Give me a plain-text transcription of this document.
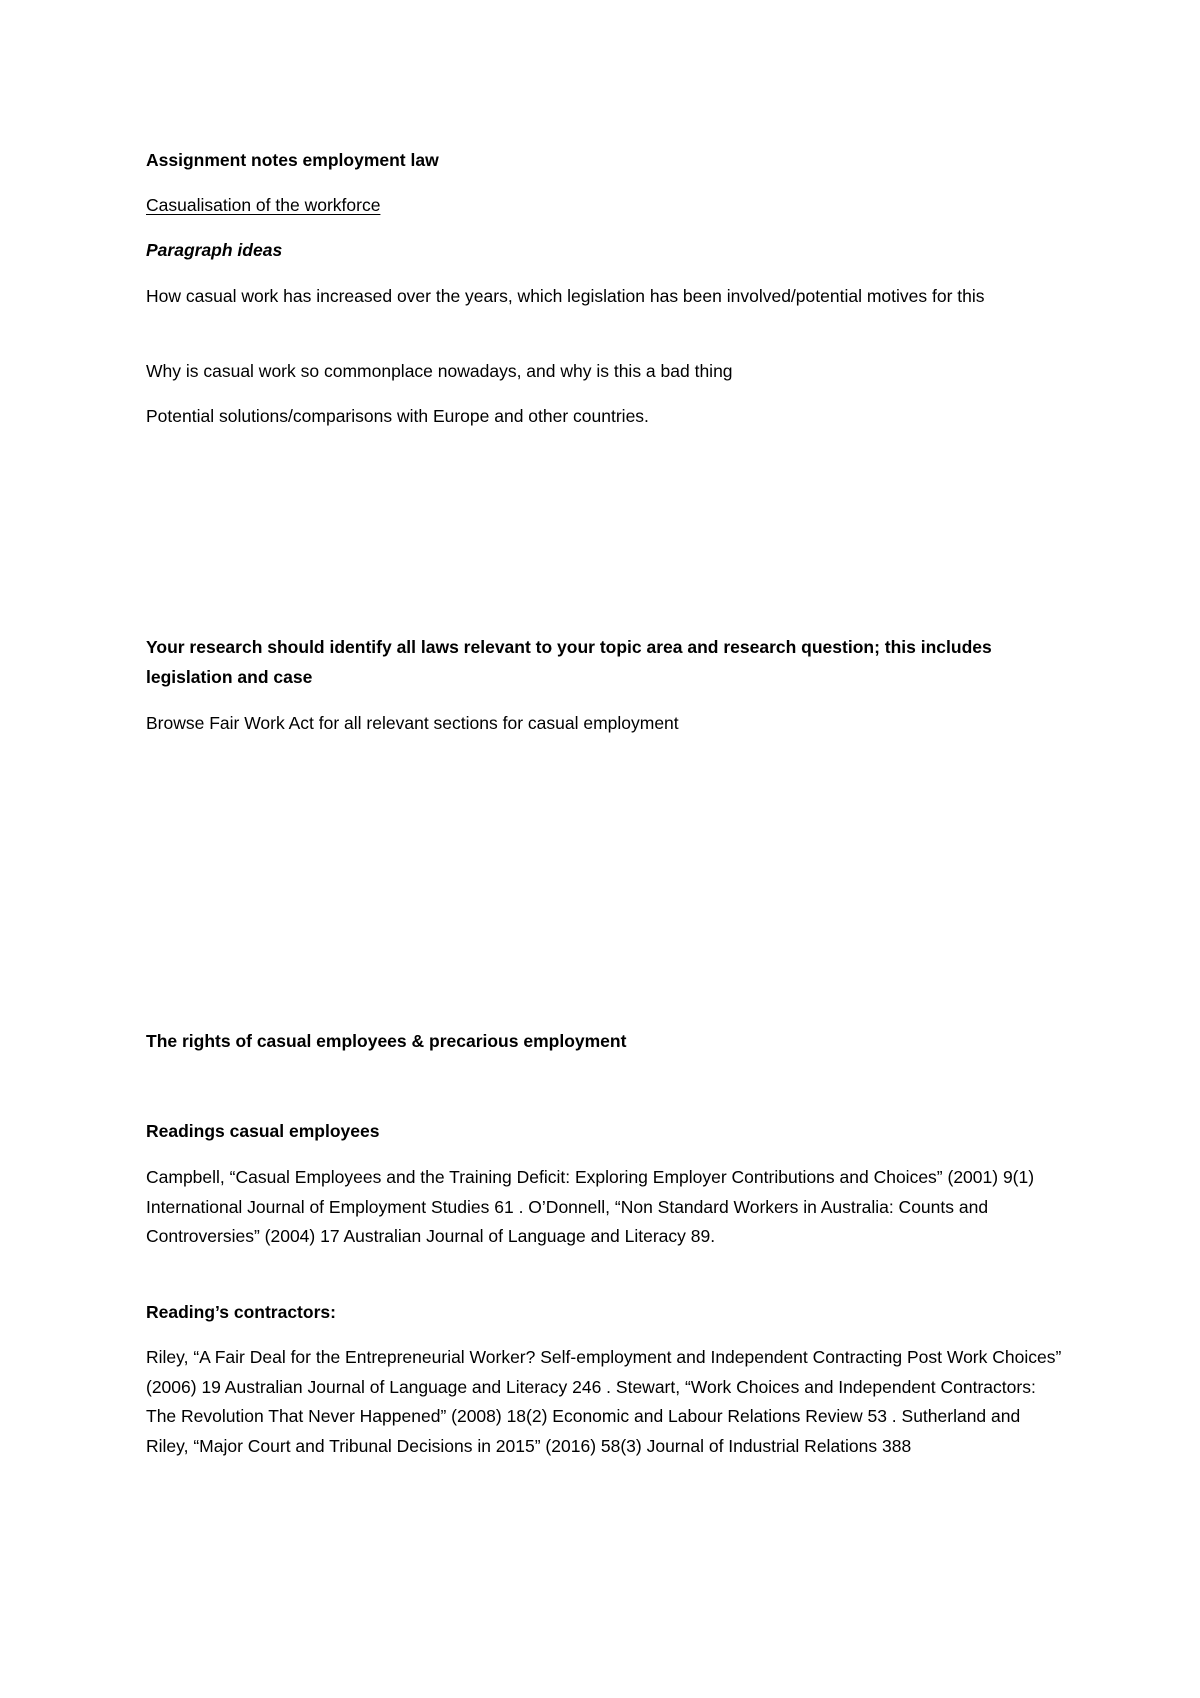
Assignment notes employment law

Casualisation of the workforce

Paragraph ideas

How casual work has increased over the years, which legislation has been involved/potential motives for this

Why is casual work so commonplace nowadays, and why is this a bad thing

Potential solutions/comparisons with Europe and other countries.

Your research should identify all laws relevant to your topic area and research question; this includes legislation and case

Browse Fair Work Act for all relevant sections for casual employment

The rights of casual employees & precarious employment

Readings casual employees

Campbell, “Casual Employees and the Training Deficit: Exploring Employer Contributions and Choices” (2001) 9(1) International Journal of Employment Studies 61 . O’Donnell, “Non Standard Workers in Australia: Counts and Controversies” (2004) 17 Australian Journal of Language and Literacy 89.

Reading’s contractors:

Riley, “A Fair Deal for the Entrepreneurial Worker? Self-employment and Independent Contracting Post Work Choices” (2006) 19 Australian Journal of Language and Literacy 246 . Stewart, “Work Choices and Independent Contractors: The Revolution That Never Happened” (2008) 18(2) Economic and Labour Relations Review 53 . Sutherland and Riley, “Major Court and Tribunal Decisions in 2015” (2016) 58(3) Journal of Industrial Relations 388
